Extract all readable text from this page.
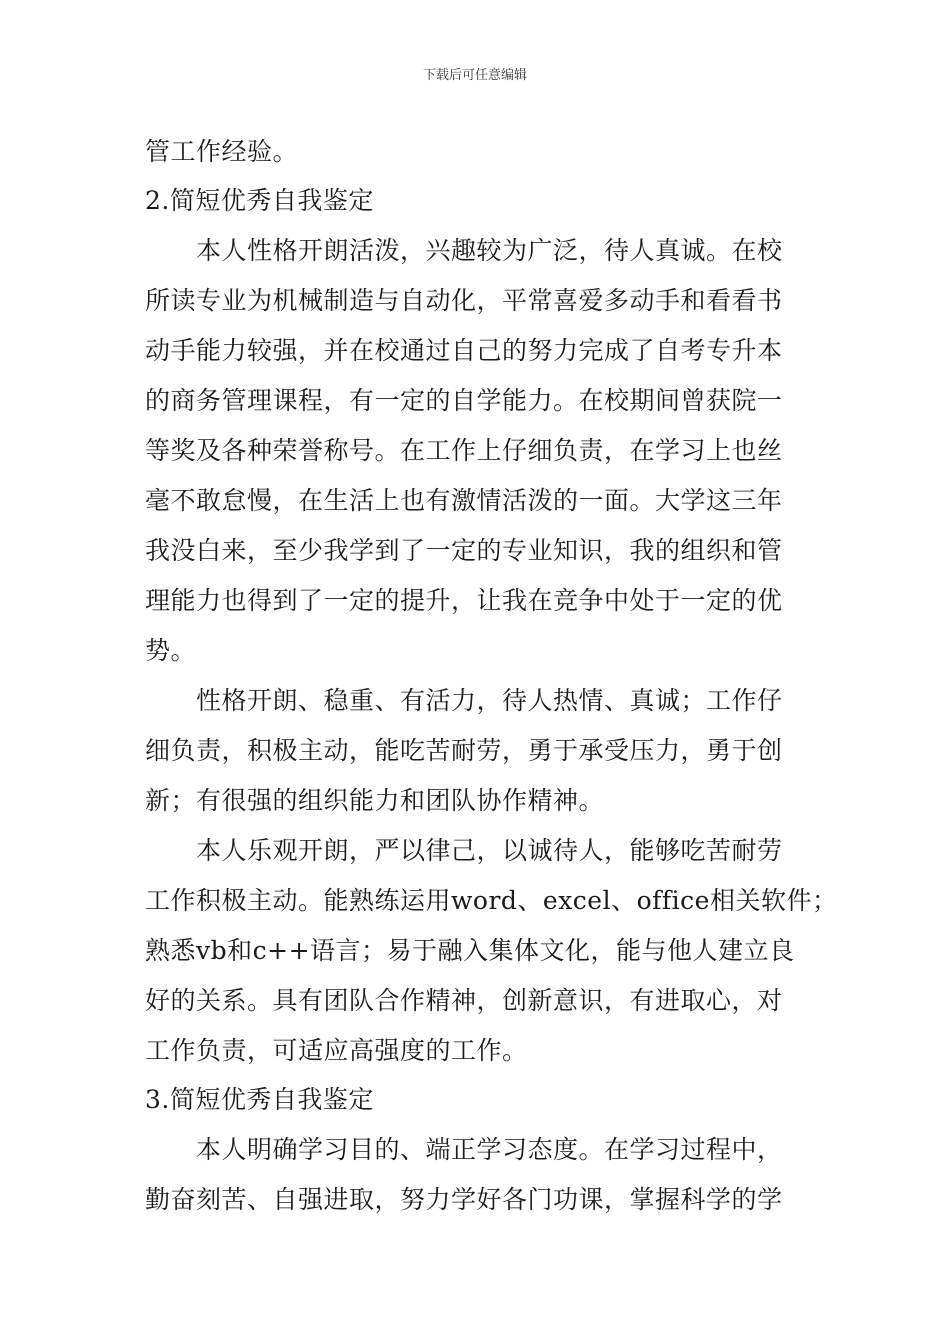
下载后可任意编辑
管工作经验。
2.简短优秀自我鉴定
本人性格开朗活泼，兴趣较为广泛，待人真诚。在校
所读专业为机械制造与自动化，平常喜爱多动手和看看书
动手能力较强，并在校通过自己的努力完成了自考专升本
的商务管理课程，有一定的自学能力。在校期间曾获院一
等奖及各种荣誉称号。在工作上仔细负责，在学习上也丝
毫不敢怠慢，在生活上也有激情活泼的一面。大学这三年
我没白来，至少我学到了一定的专业知识，我的组织和管
理能力也得到了一定的提升，让我在竞争中处于一定的优
势。
性格开朗、稳重、有活力，待人热情、真诚；工作仔
细负责，积极主动，能吃苦耐劳，勇于承受压力，勇于创
新；有很强的组织能力和团队协作精神。
本人乐观开朗，严以律己，以诚待人，能够吃苦耐劳
工作积极主动。能熟练运用word、excel、office相关软件；
熟悉vb和c++语言；易于融入集体文化，能与他人建立良
好的关系。具有团队合作精神，创新意识，有进取心，对
工作负责，可适应高强度的工作。
3.简短优秀自我鉴定
本人明确学习目的、端正学习态度。在学习过程中，
勤奋刻苦、自强进取，努力学好各门功课，掌握科学的学
